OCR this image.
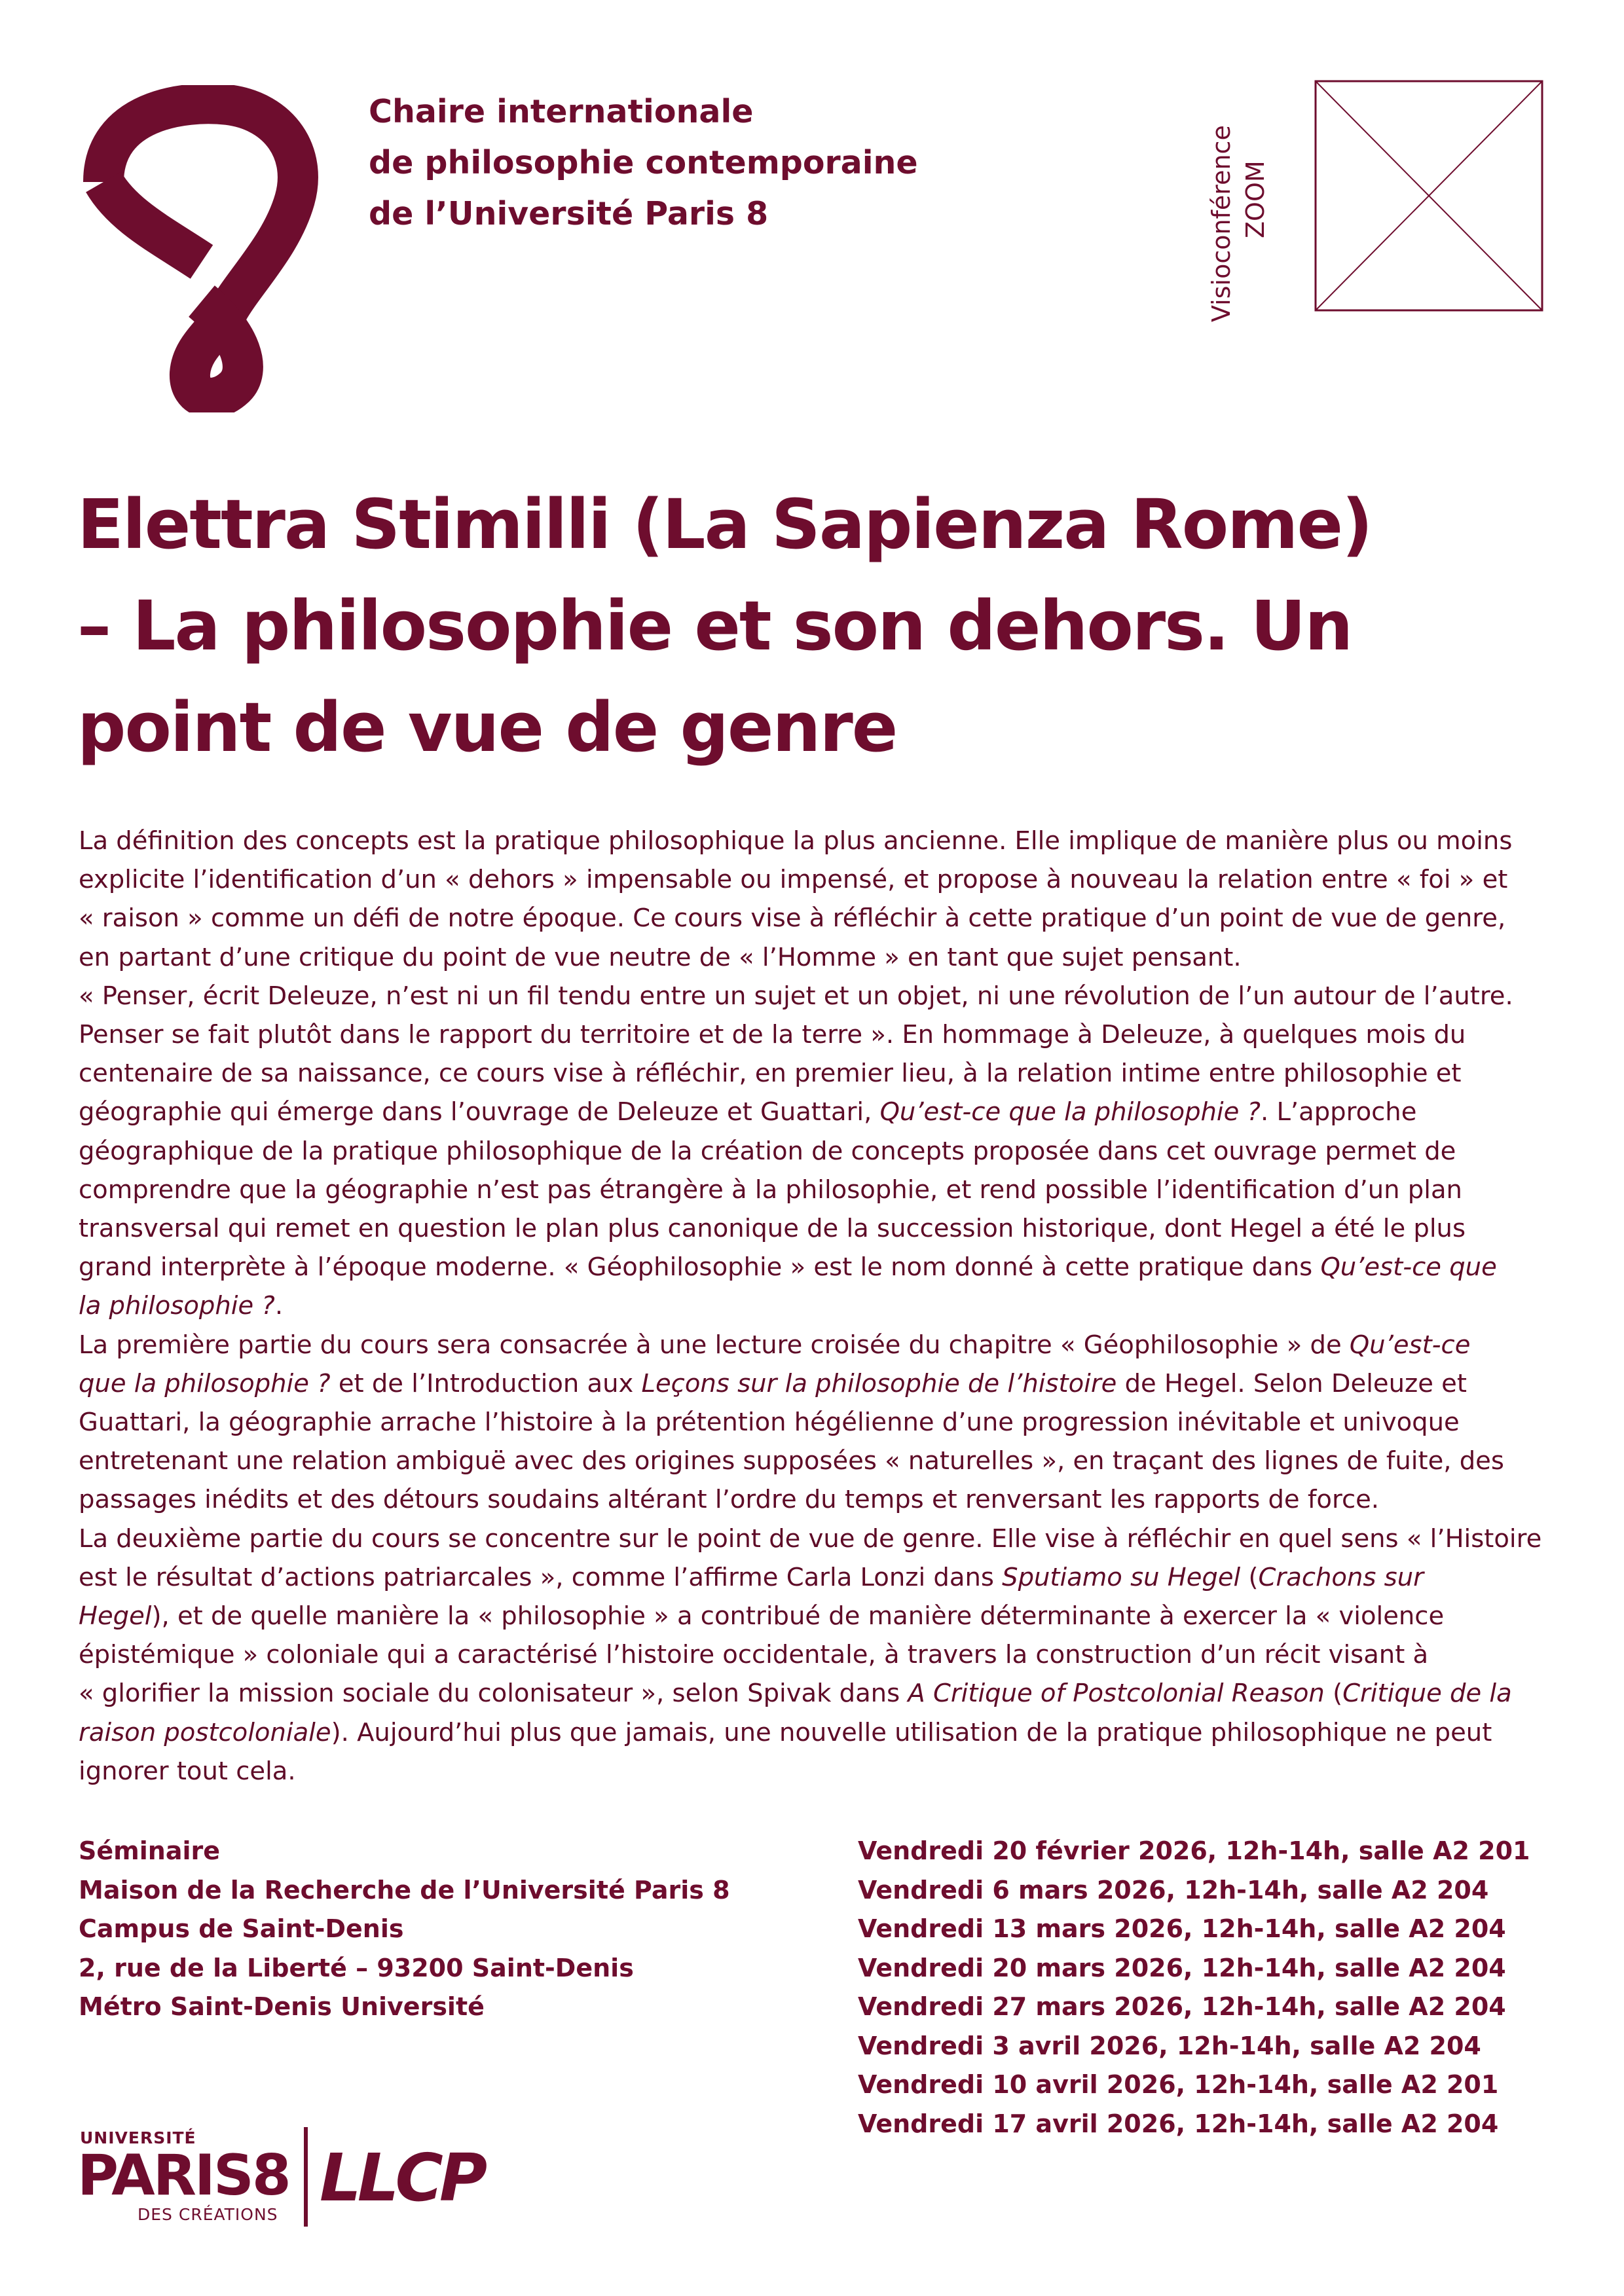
Chaire internationale
de philosophie contemporaine
de l’Université Paris 8	Visioconférence ZOOM
Elettra Stimilli (La Sapienza Rome)
– La philosophie et son dehors. Un
point de vue de genre
La définition des concepts est la pratique philosophique la plus ancienne. Elle implique de manière plus ou moins
explicite l’identification d’un « dehors » impensable ou impensé, et propose à nouveau la relation entre « foi » et
« raison » comme un défi de notre époque. Ce cours vise à réfléchir à cette pratique d’un point de vue de genre,
en partant d’une critique du point de vue neutre de « l’Homme » en tant que sujet pensant.
« Penser, écrit Deleuze, n’est ni un fil tendu entre un sujet et un objet, ni une révolution de l’un autour de l’autre.
Penser se fait plutôt dans le rapport du territoire et de la terre ». En hommage à Deleuze, à quelques mois du
centenaire de sa naissance, ce cours vise à réfléchir, en premier lieu, à la relation intime entre philosophie et
géographie qui émerge dans l’ouvrage de Deleuze et Guattari, Qu’est-ce que la philosophie ?. L’approche
géographique de la pratique philosophique de la création de concepts proposée dans cet ouvrage permet de
comprendre que la géographie n’est pas étrangère à la philosophie, et rend possible l’identification d’un plan
transversal qui remet en question le plan plus canonique de la succession historique, dont Hegel a été le plus
grand interprète à l’époque moderne. « Géophilosophie » est le nom donné à cette pratique dans Qu’est-ce que
la philosophie ?.
La première partie du cours sera consacrée à une lecture croisée du chapitre « Géophilosophie » de Qu’est-ce
que la philosophie ? et de l’Introduction aux Leçons sur la philosophie de l’histoire de Hegel. Selon Deleuze et
Guattari, la géographie arrache l’histoire à la prétention hégélienne d’une progression inévitable et univoque
entretenant une relation ambiguë avec des origines supposées « naturelles », en traçant des lignes de fuite, des
passages inédits et des détours soudains altérant l’ordre du temps et renversant les rapports de force.
La deuxième partie du cours se concentre sur le point de vue de genre. Elle vise à réfléchir en quel sens « l’Histoire
est le résultat d’actions patriarcales », comme l’affirme Carla Lonzi dans Sputiamo su Hegel (Crachons sur
Hegel), et de quelle manière la « philosophie » a contribué de manière déterminante à exercer la « violence
épistémique » coloniale qui a caractérisé l’histoire occidentale, à travers la construction d’un récit visant à
« glorifier la mission sociale du colonisateur », selon Spivak dans A Critique of Postcolonial Reason (Critique de la
raison postcoloniale). Aujourd’hui plus que jamais, une nouvelle utilisation de la pratique philosophique ne peut
ignorer tout cela.
Séminaire
Maison de la Recherche de l’Université Paris 8
Campus de Saint-Denis
2, rue de la Liberté – 93200 Saint-Denis
Métro Saint-Denis Université
Vendredi 20 février 2026, 12h-14h, salle A2 201
Vendredi 6 mars 2026, 12h-14h, salle A2 204
Vendredi 13 mars 2026, 12h-14h, salle A2 204
Vendredi 20 mars 2026, 12h-14h, salle A2 204
Vendredi 27 mars 2026, 12h-14h, salle A2 204
Vendredi 3 avril 2026, 12h-14h, salle A2 204
Vendredi 10 avril 2026, 12h-14h, salle A2 201
Vendredi 17 avril 2026, 12h-14h, salle A2 204
UNIVERSITÉ
PARIS8
DES CRÉATIONS LLCP
